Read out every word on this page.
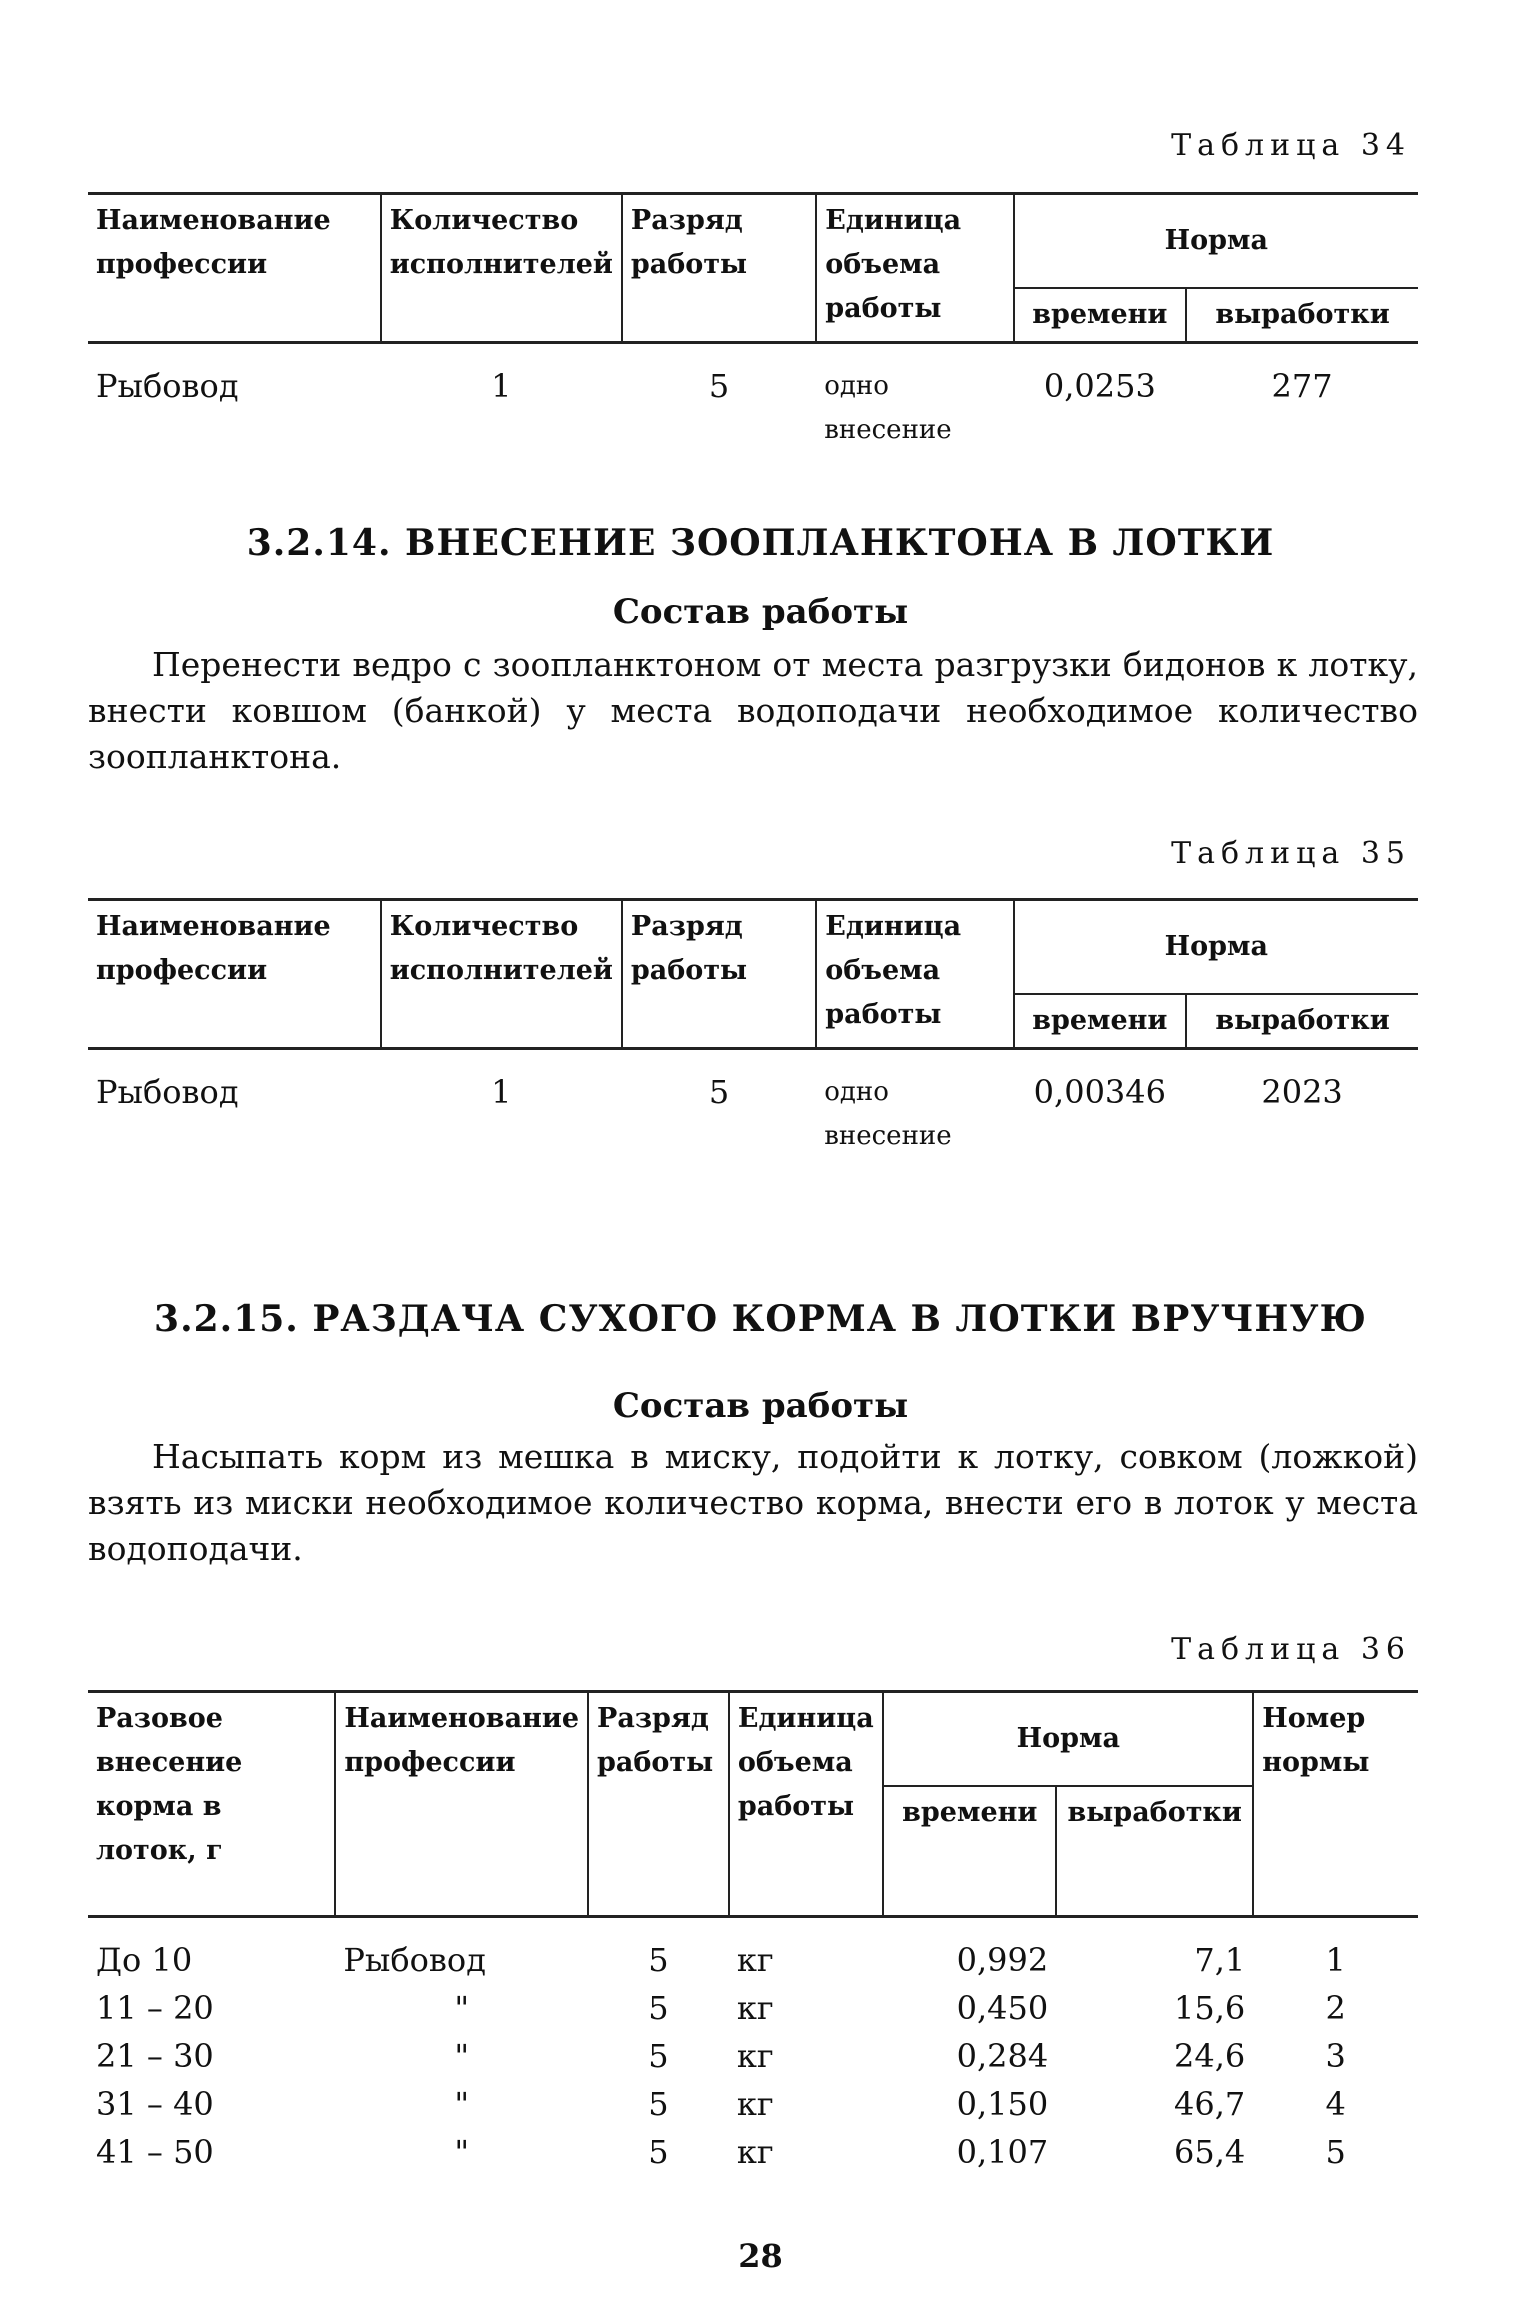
Таблица 34
Наименование профессии	Количество исполнителей	Разряд работы	Единица объема работы	Норма	
				времени	выработки

Рыбовод	1	5	одно внесение	0,0253	277
3.2.14. ВНЕСЕНИЕ ЗООПЛАНКТОНА В ЛОТКИ
Состав работы
Перенести ведро с зоопланктоном от места разгрузки бидонов к лотку, внести ковшом (банкой) у места водоподачи необходимое количество зоопланктона.
Таблица 35
Наименование профессии	Количество исполнителей	Разряд работы	Единица объема работы	Норма	
				времени	выработки

Рыбовод	1	5	одно внесение	0,00346	2023
3.2.15. РАЗДАЧА СУХОГО КОРМА В ЛОТКИ ВРУЧНУЮ
Состав работы
Насыпать корм из мешка в миску, подойти к лотку, совком (ложкой) взять из миски необходимое количество корма, внести его в лоток у места водоподачи.
Таблица 36
Разовое внесение корма в лоток, г	Наименование профессии	Разряд работы	Единица объема работы	Норма		Номер нормы
				времени	выработки	

До 10	Рыбовод	5	кг	0,992	7,1	1
11 – 20	"	5	кг	0,450	15,6	2
21 – 30	"	5	кг	0,284	24,6	3
31 – 40	"	5	кг	0,150	46,7	4
41 – 50	"	5	кг	0,107	65,4	5
28
